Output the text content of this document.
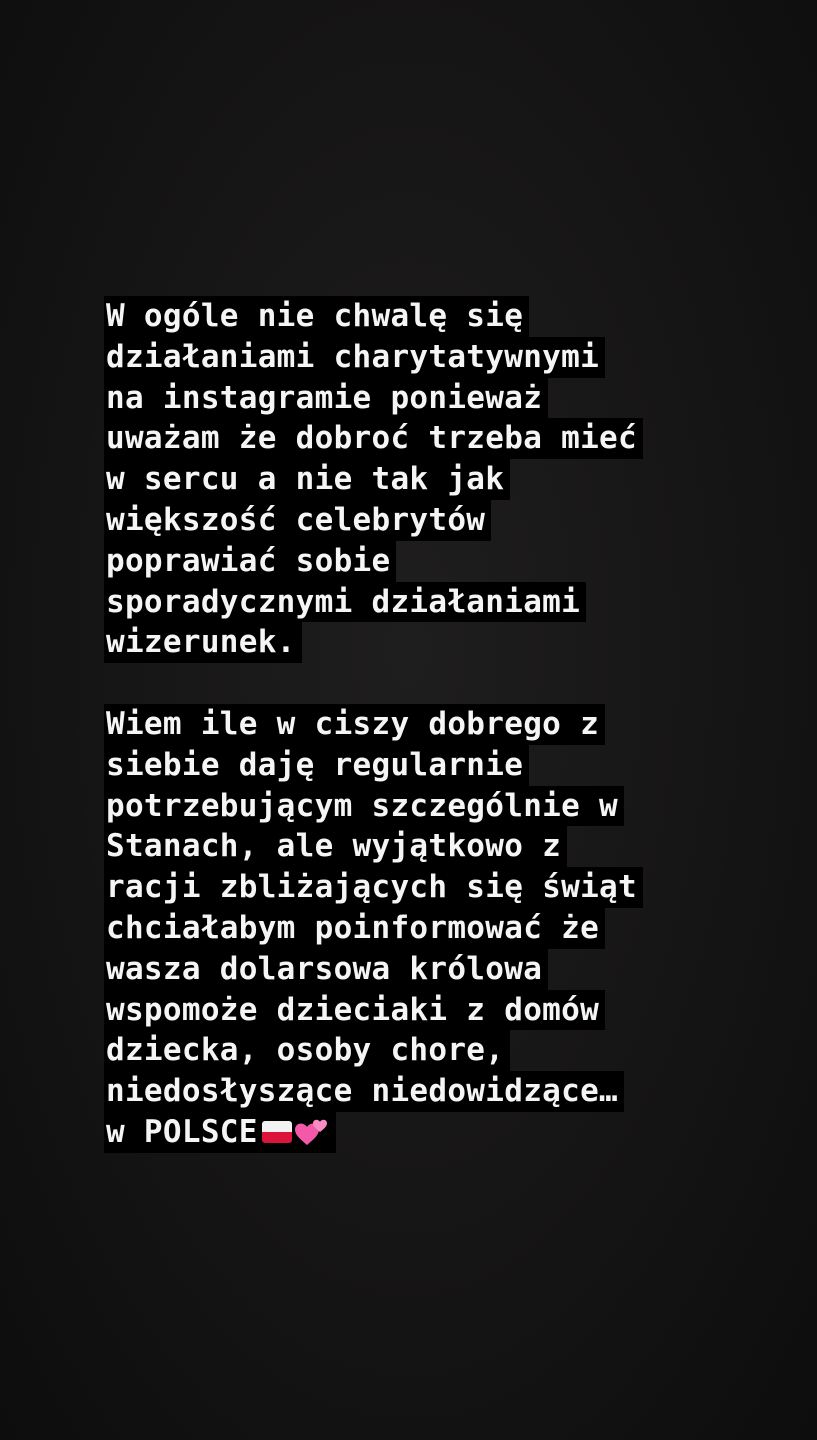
W ogóle nie chwalę się
działaniami charytatywnymi
na instagramie ponieważ
uważam że dobroć trzeba mieć
w sercu a nie tak jak
większość celebrytów
poprawiać sobie
sporadycznymi działaniami
wizerunek.
Wiem ile w ciszy dobrego z
siebie daję regularnie
potrzebującym szczególnie w
Stanach, ale wyjątkowo z
racji zbliżających się świąt
chciałabym poinformować że
wasza dolarsowa królowa
wspomoże dzieciaki z domów
dziecka, osoby chore,
niedosłyszące niedowidzące…
w POLSCE
